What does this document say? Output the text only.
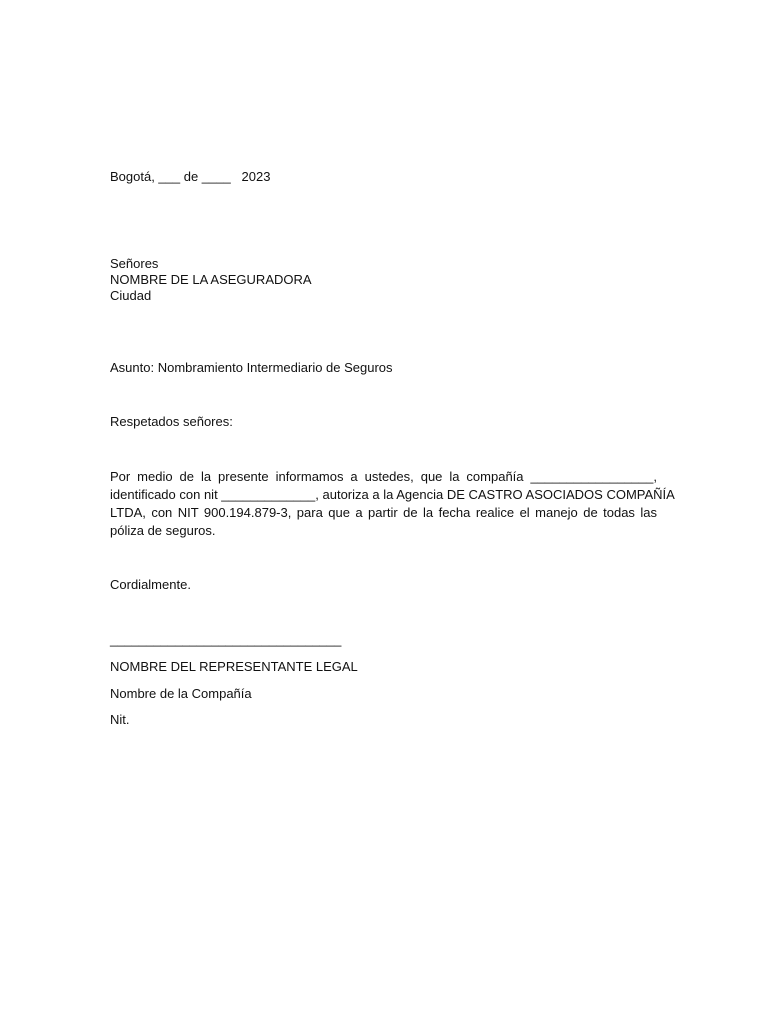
Bogotá, ___ de ____   2023
Señores
NOMBRE DE LA ASEGURADORA
Ciudad
Asunto: Nombramiento Intermediario de Seguros
Respetados señores:
Por medio de la presente informamos a ustedes, que la compañía _________________,
identificado con nit _____________, autoriza a la Agencia DE CASTRO ASOCIADOS COMPAÑÍA
LTDA, con NIT 900.194.879-3, para que a partir de la fecha realice el manejo de todas las
póliza de seguros.
Cordialmente.
________________________________
NOMBRE DEL REPRESENTANTE LEGAL
Nombre de la Compañía
Nit.
